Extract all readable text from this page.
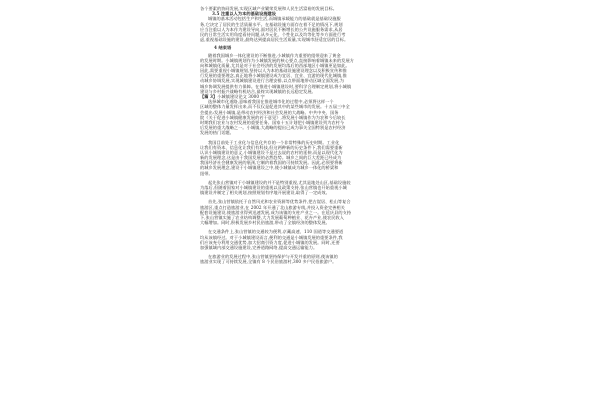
各个要素的协同发展,实现区域产业繁荣发展和人民生活富裕的发展目标。
3.5 注重以人为本的基础设施建设
城镇的基本活动包括生产和生活,而城镇承载能力的基础就是基础设施服
务,它决定了居民的生活质量水平。在基础设施方面存在着不足的情况下,规划
应当注重以人为本作为建设导向,面对居民不断增长的公共设施服务需求,从居
民的日常生活实用角度看待问题,从多元化、个性化以及均等化等多方面进行考
虑,重视基础设施的建设,最终达到提高居民生活质量,实现城市舒适宜居的目标。
4 结束语
随着我国城乡一体化建设的不断推进,小城镇作为重要的组带迎来了黄金
的发展时期。小城镇规划作为小城镇发展的核心要点,直接影响着城镇未来的发展方
向和城镇化质量,尤其是对于社会经济的发展均落后的西部地区小城镇更是如此。
因此,需要重视小城镇规划,坚持以人为本的基础设施建设理念以及积极宣传和推
行发展的重要理念,真正地将小城镇建设成为宜居、宜业、宜游的现代化城镇,推
动城乡协调发展,实现城镇建设进行合理安排,以点带面地带动区域全面发展,为
城乡协调发展提供有力保障。在推进小城镇建设时,要科学合理制定规划,将小城镇
建设与乡村振兴战略有机结合,最终实现城镇的长远稳定发展。
【篇 3】小城镇建设论文 3000 字
选择城市化道路,意味着我国在推进城市化的过程中,必须将这样一个
区域的整体力量发挥出来,而不仅仅是促进其中的某些城市的发展。十五届三中全
会提出:发展小城镇,是带动农村经济和社会发展的大战略。中共中央、国务
院《关于促进小城镇健康发展的若干意见》,将发展小城镇作为为农和今后较长
时期我们农业与农村发展的重要任务。国家十五计划把小城镇建设列为农村今
后发展的重大战略之一。小城镇,大战略的提出已成为事关全国特别是农村经济
发展的热门话题。
我国目前处于工业化与信息化共存的一个非常特殊的历史时期。工业化
让我们有资本、信息化让我们有科技,但这两种新的历史条件下,我们需要重新
认识小城镇建设的意义,小城镇建设不是过去说的农村的延伸,而是以现代化为
新的发展理念,这是由于我国发展的必然趋势。城乡之间的巨大差距已经成为
我国经济社会健康发展的瓶颈,它制约着我国的可持续发展。因此,必须要将新
的城乡发展理念,建设于小城镇建设之中,使小城镇成为城乡一体化的桥梁和
纽带。
起先张山营镇对于小城镇建设的并不是特别重视,尤其是地处山区,基础设施较
为落后,但随着国家对小城镇建设的重视以及政策支持,张山营镇也开始重视小城
镇建设并制定了相关规划,按照规划有序地开展建设,取得了一定成效。
首先,张山营镇依托于自然风光和农业资源等优势条件,把古崖居、松山等复合
旅游区,重点打造旅游业,在 2002 年开通了北山旅游专线,并投入资金完善相关
配套设施建设,使旅游业得到迅速发展,成为该镇的支柱产业之一。在延庆县的支持
下,张山营镇实施了农业结构调整,大力发展葡萄种植业、花卉产业,使农民收入
大幅增加。同时,积极发展乡村民俗旅游,带动了全镇经济的整体发展。
在交通条件上,张山营镇的交通较为便利,京藏高速、110 国道等交通要道
均从该镇经过。对于小城镇建设而言,便利的交通是小城镇发展的重要条件,我
们应该充分利用交通优势,加大招商引资力度,促进小城镇的发展。同时,还要
加强镇域内部交通设施建设,完善道路网络,提高交通运输能力。
在旅游业的发展过程中,张山营镇坚持保护与开发并重的原则,使该镇的
旅游业实现了可持续发展,全镇有 8 个民俗旅游村,300 多户民俗旅游户。
